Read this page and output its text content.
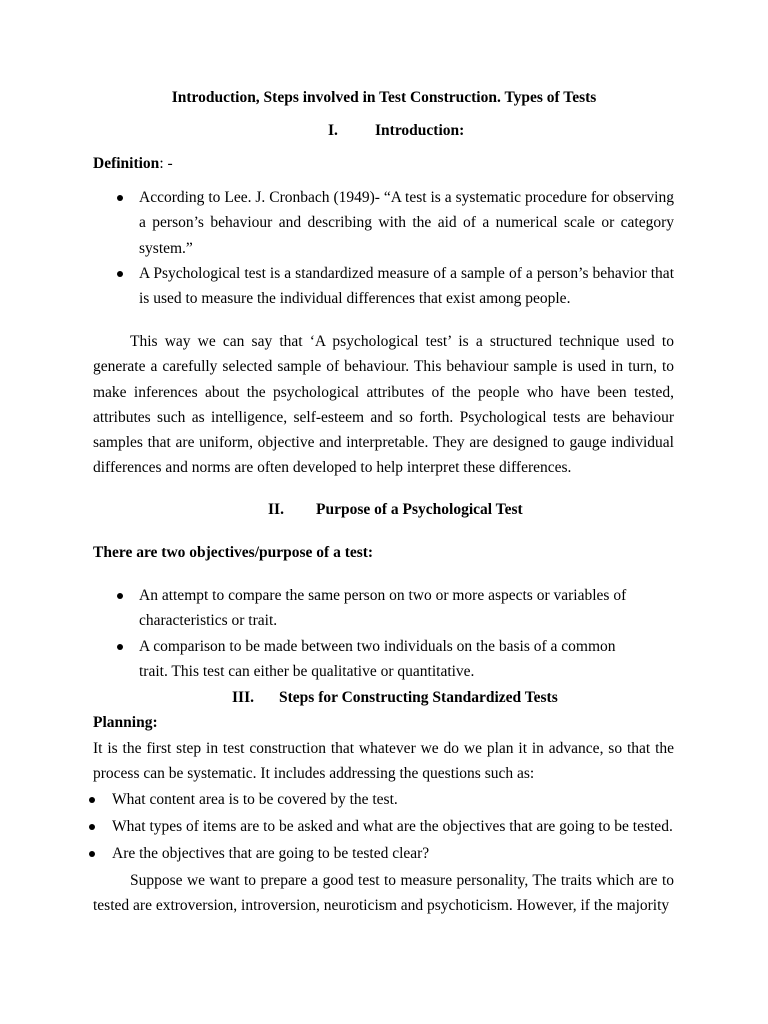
Introduction, Steps involved in Test Construction. Types of Tests
I. Introduction:
Definition: -
According to Lee. J. Cronbach (1949)- “A test is a systematic procedure for observing a person’s behaviour and describing with the aid of a numerical scale or category system.”
A Psychological test is a standardized measure of a sample of a person’s behavior that is used to measure the individual differences that exist among people.
This way we can say that ‘A psychological test’ is a structured technique used to generate a carefully selected sample of behaviour. This behaviour sample is used in turn, to make inferences about the psychological attributes of the people who have been tested, attributes such as intelligence, self-esteem and so forth. Psychological tests are behaviour samples that are uniform, objective and interpretable. They are designed to gauge individual differences and norms are often developed to help interpret these differences.
II. Purpose of a Psychological Test
There are two objectives/purpose of a test:
An attempt to compare the same person on two or more aspects or variables of
characteristics or trait.
A comparison to be made between two individuals on the basis of a common
trait. This test can either be qualitative or quantitative.
III. Steps for Constructing Standardized Tests
Planning:
It is the first step in test construction that whatever we do we plan it in advance, so that the process can be systematic. It includes addressing the questions such as:
What content area is to be covered by the test.
What types of items are to be asked and what are the objectives that are going to be tested.
Are the objectives that are going to be tested clear?
Suppose we want to prepare a good test to measure personality, The traits which are to tested are extroversion, introversion, neuroticism and psychoticism. However, if the majority
